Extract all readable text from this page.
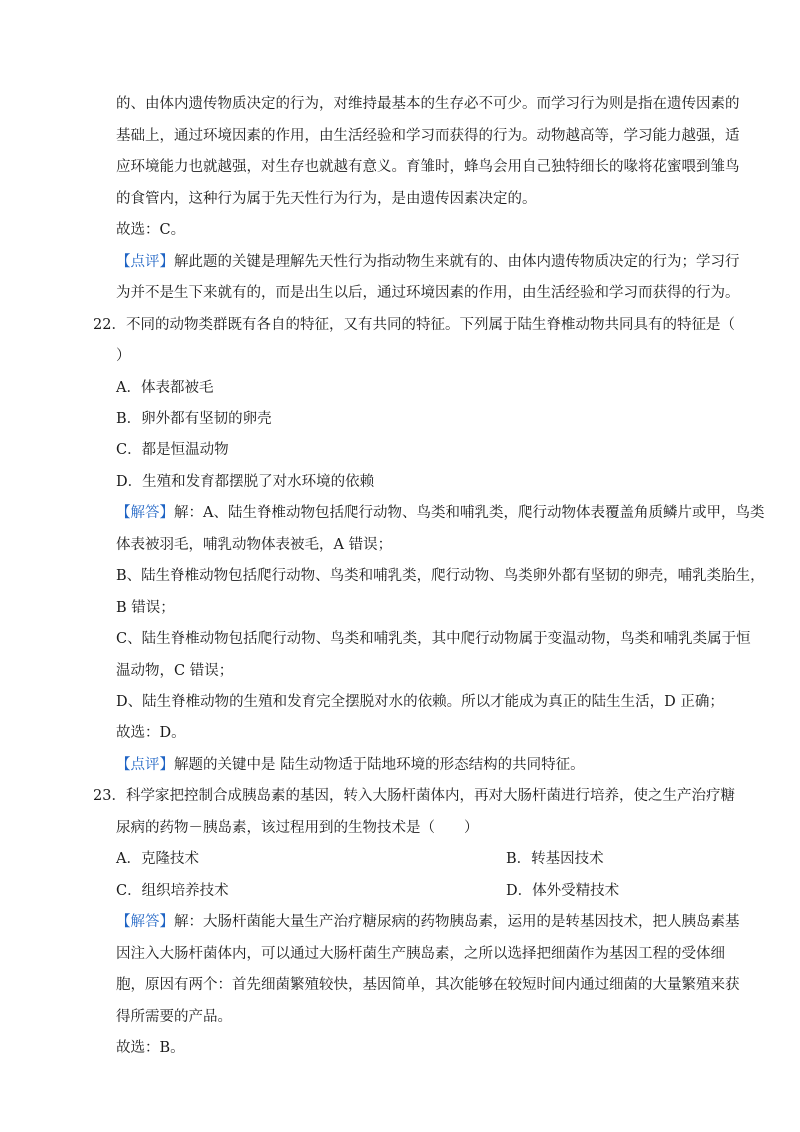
的、由体内遗传物质决定的行为，对维持最基本的生存必不可少。而学习行为则是指在遗传因素的
基础上，通过环境因素的作用，由生活经验和学习而获得的行为。动物越高等，学习能力越强，适
应环境能力也就越强，对生存也就越有意义。育雏时，蜂鸟会用自己独特细长的喙将花蜜喂到雏鸟
的食管内，这种行为属于先天性行为行为，是由遗传因素决定的。
故选：C。
【点评】解此题的关键是理解先天性行为指动物生来就有的、由体内遗传物质决定的行为；学习行
为并不是生下来就有的，而是出生以后，通过环境因素的作用，由生活经验和学习而获得的行为。
22．不同的动物类群既有各自的特征，又有共同的特征。下列属于陆生脊椎动物共同具有的特征是（
）
A．体表都被毛
B．卵外都有坚韧的卵壳
C．都是恒温动物
D．生殖和发育都摆脱了对水环境的依赖
【解答】解：A、陆生脊椎动物包括爬行动物、鸟类和哺乳类，爬行动物体表覆盖角质鳞片或甲，鸟类
体表被羽毛，哺乳动物体表被毛，A 错误；
B、陆生脊椎动物包括爬行动物、鸟类和哺乳类，爬行动物、鸟类卵外都有坚韧的卵壳，哺乳类胎生，
B 错误；
C、陆生脊椎动物包括爬行动物、鸟类和哺乳类，其中爬行动物属于变温动物，鸟类和哺乳类属于恒
温动物，C 错误；
D、陆生脊椎动物的生殖和发育完全摆脱对水的依赖。所以才能成为真正的陆生生活，D 正确；
故选：D。
【点评】解题的关键中是 陆生动物适于陆地环境的形态结构的共同特征。
23．科学家把控制合成胰岛素的基因，转入大肠杆菌体内，再对大肠杆菌进行培养，使之生产治疗糖
尿病的药物－胰岛素，该过程用到的生物技术是（　　）
A．克隆技术	B．转基因技术
C．组织培养技术	D．体外受精技术
【解答】解：大肠杆菌能大量生产治疗糖尿病的药物胰岛素，运用的是转基因技术，把人胰岛素基
因注入大肠杆菌体内，可以通过大肠杆菌生产胰岛素，之所以选择把细菌作为基因工程的受体细
胞，原因有两个：首先细菌繁殖较快，基因简单，其次能够在较短时间内通过细菌的大量繁殖来获
得所需要的产品。
故选：B。
